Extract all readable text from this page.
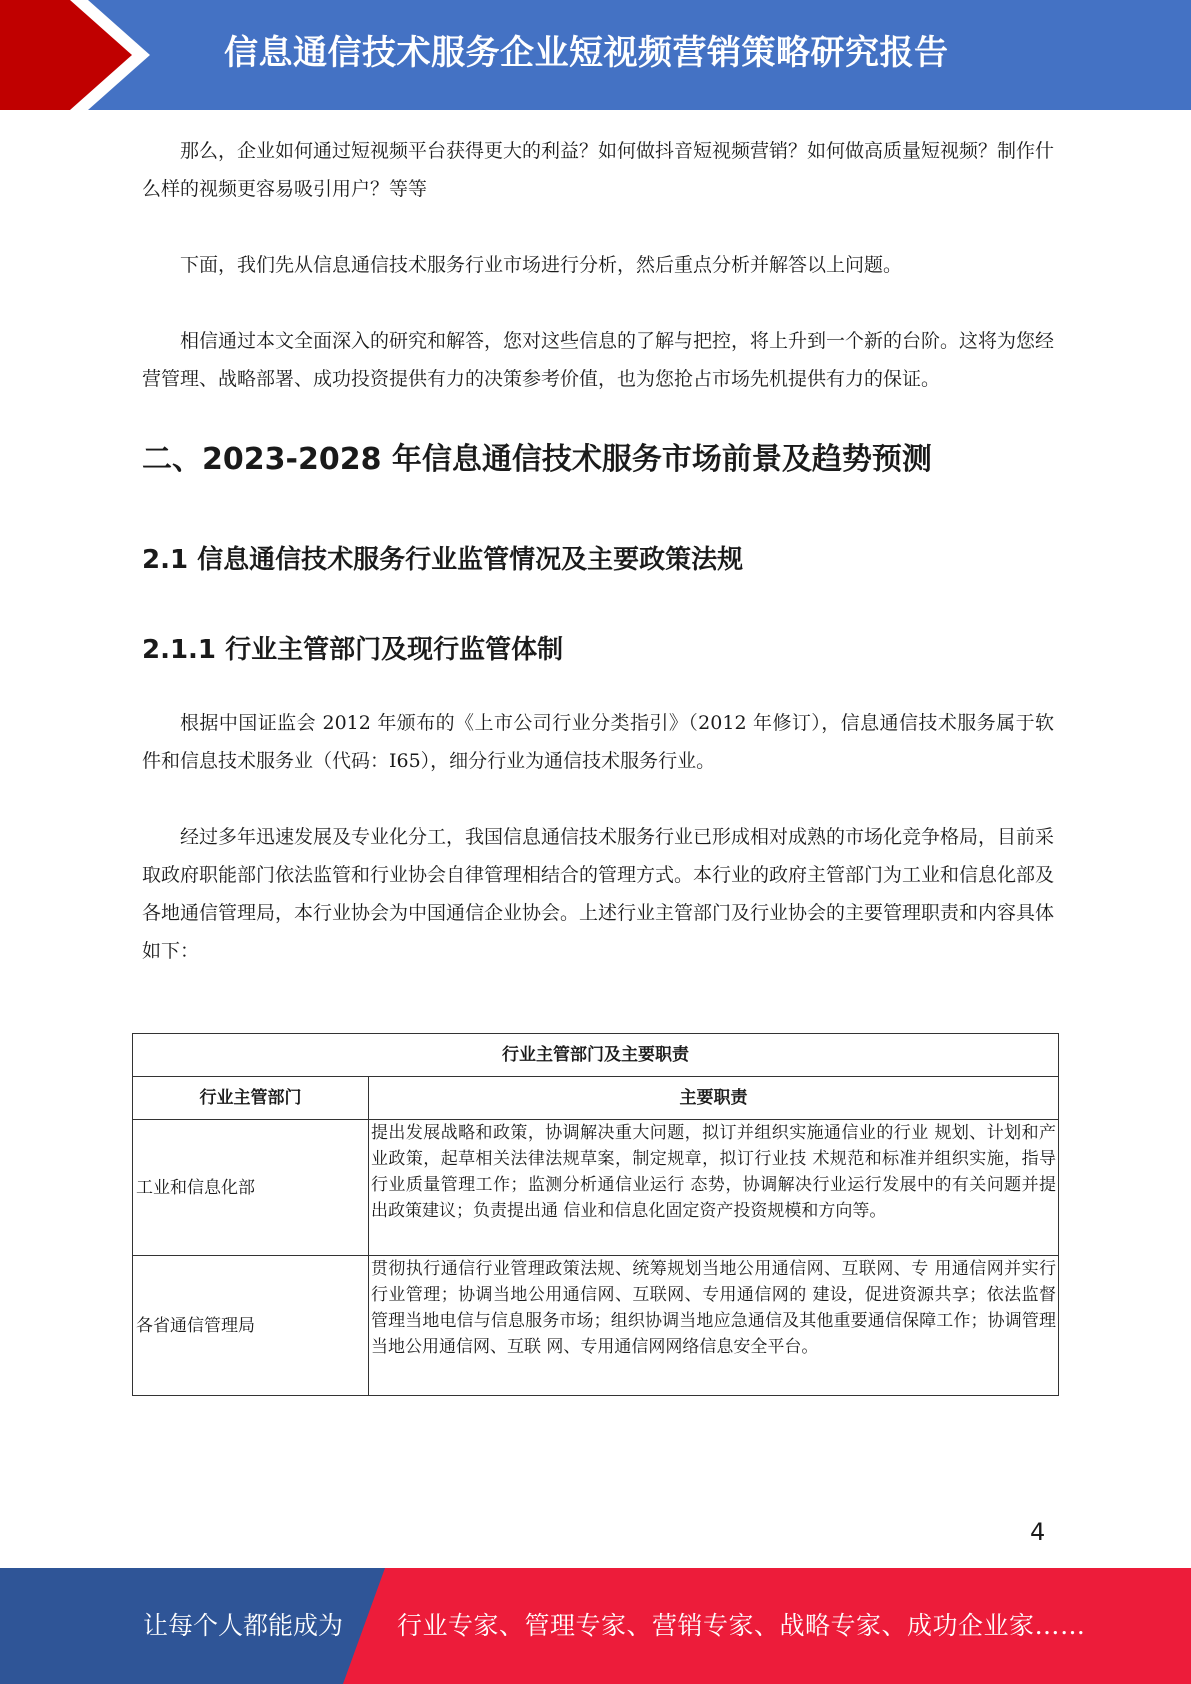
信息通信技术服务企业短视频营销策略研究报告

那么，企业如何通过短视频平台获得更大的利益？如何做抖音短视频营销？如何做高质量短视频？制作什么样的视频更容易吸引用户？等等

下面，我们先从信息通信技术服务行业市场进行分析，然后重点分析并解答以上问题。

相信通过本文全面深入的研究和解答，您对这些信息的了解与把控，将上升到一个新的台阶。这将为您经营管理、战略部署、成功投资提供有力的决策参考价值，也为您抢占市场先机提供有力的保证。

二、2023-2028 年信息通信技术服务市场前景及趋势预测
2.1 信息通信技术服务行业监管情况及主要政策法规
2.1.1 行业主管部门及现行监管体制

根据中国证监会 2012 年颁布的《上市公司行业分类指引》（2012 年修订），信息通信技术服务属于软件和信息技术服务业（代码：I65），细分行业为通信技术服务行业。

经过多年迅速发展及专业化分工，我国信息通信技术服务行业已形成相对成熟的市场化竞争格局，目前采取政府职能部门依法监管和行业协会自律管理相结合的管理方式。本行业的政府主管部门为工业和信息化部及各地通信管理局，本行业协会为中国通信企业协会。上述行业主管部门及行业协会的主要管理职责和内容具体如下：

行业主管部门及主要职责	
行业主管部门	主要职责
工业和信息化部	提出发展战略和政策，协调解决重大问题，拟订并组织实施通信业的行业 规划、计划和产业政策，起草相关法律法规草案，制定规章，拟订行业技 术规范和标准并组织实施，指导行业质量管理工作；监测分析通信业运行 态势，协调解决行业运行发展中的有关问题并提出政策建议；负责提出通 信业和信息化固定资产投资规模和方向等。
各省通信管理局	贯彻执行通信行业管理政策法规、统筹规划当地公用通信网、互联网、专 用通信网并实行行业管理；协调当地公用通信网、互联网、专用通信网的 建设，促进资源共享；依法监督管理当地电信与信息服务市场；组织协调当地应急通信及其他重要通信保障工作；协调管理当地公用通信网、互联 网、专用通信网网络信息安全平台。
4
让每个人都能成为 行业专家、管理专家、营销专家、战略专家、成功企业家……
